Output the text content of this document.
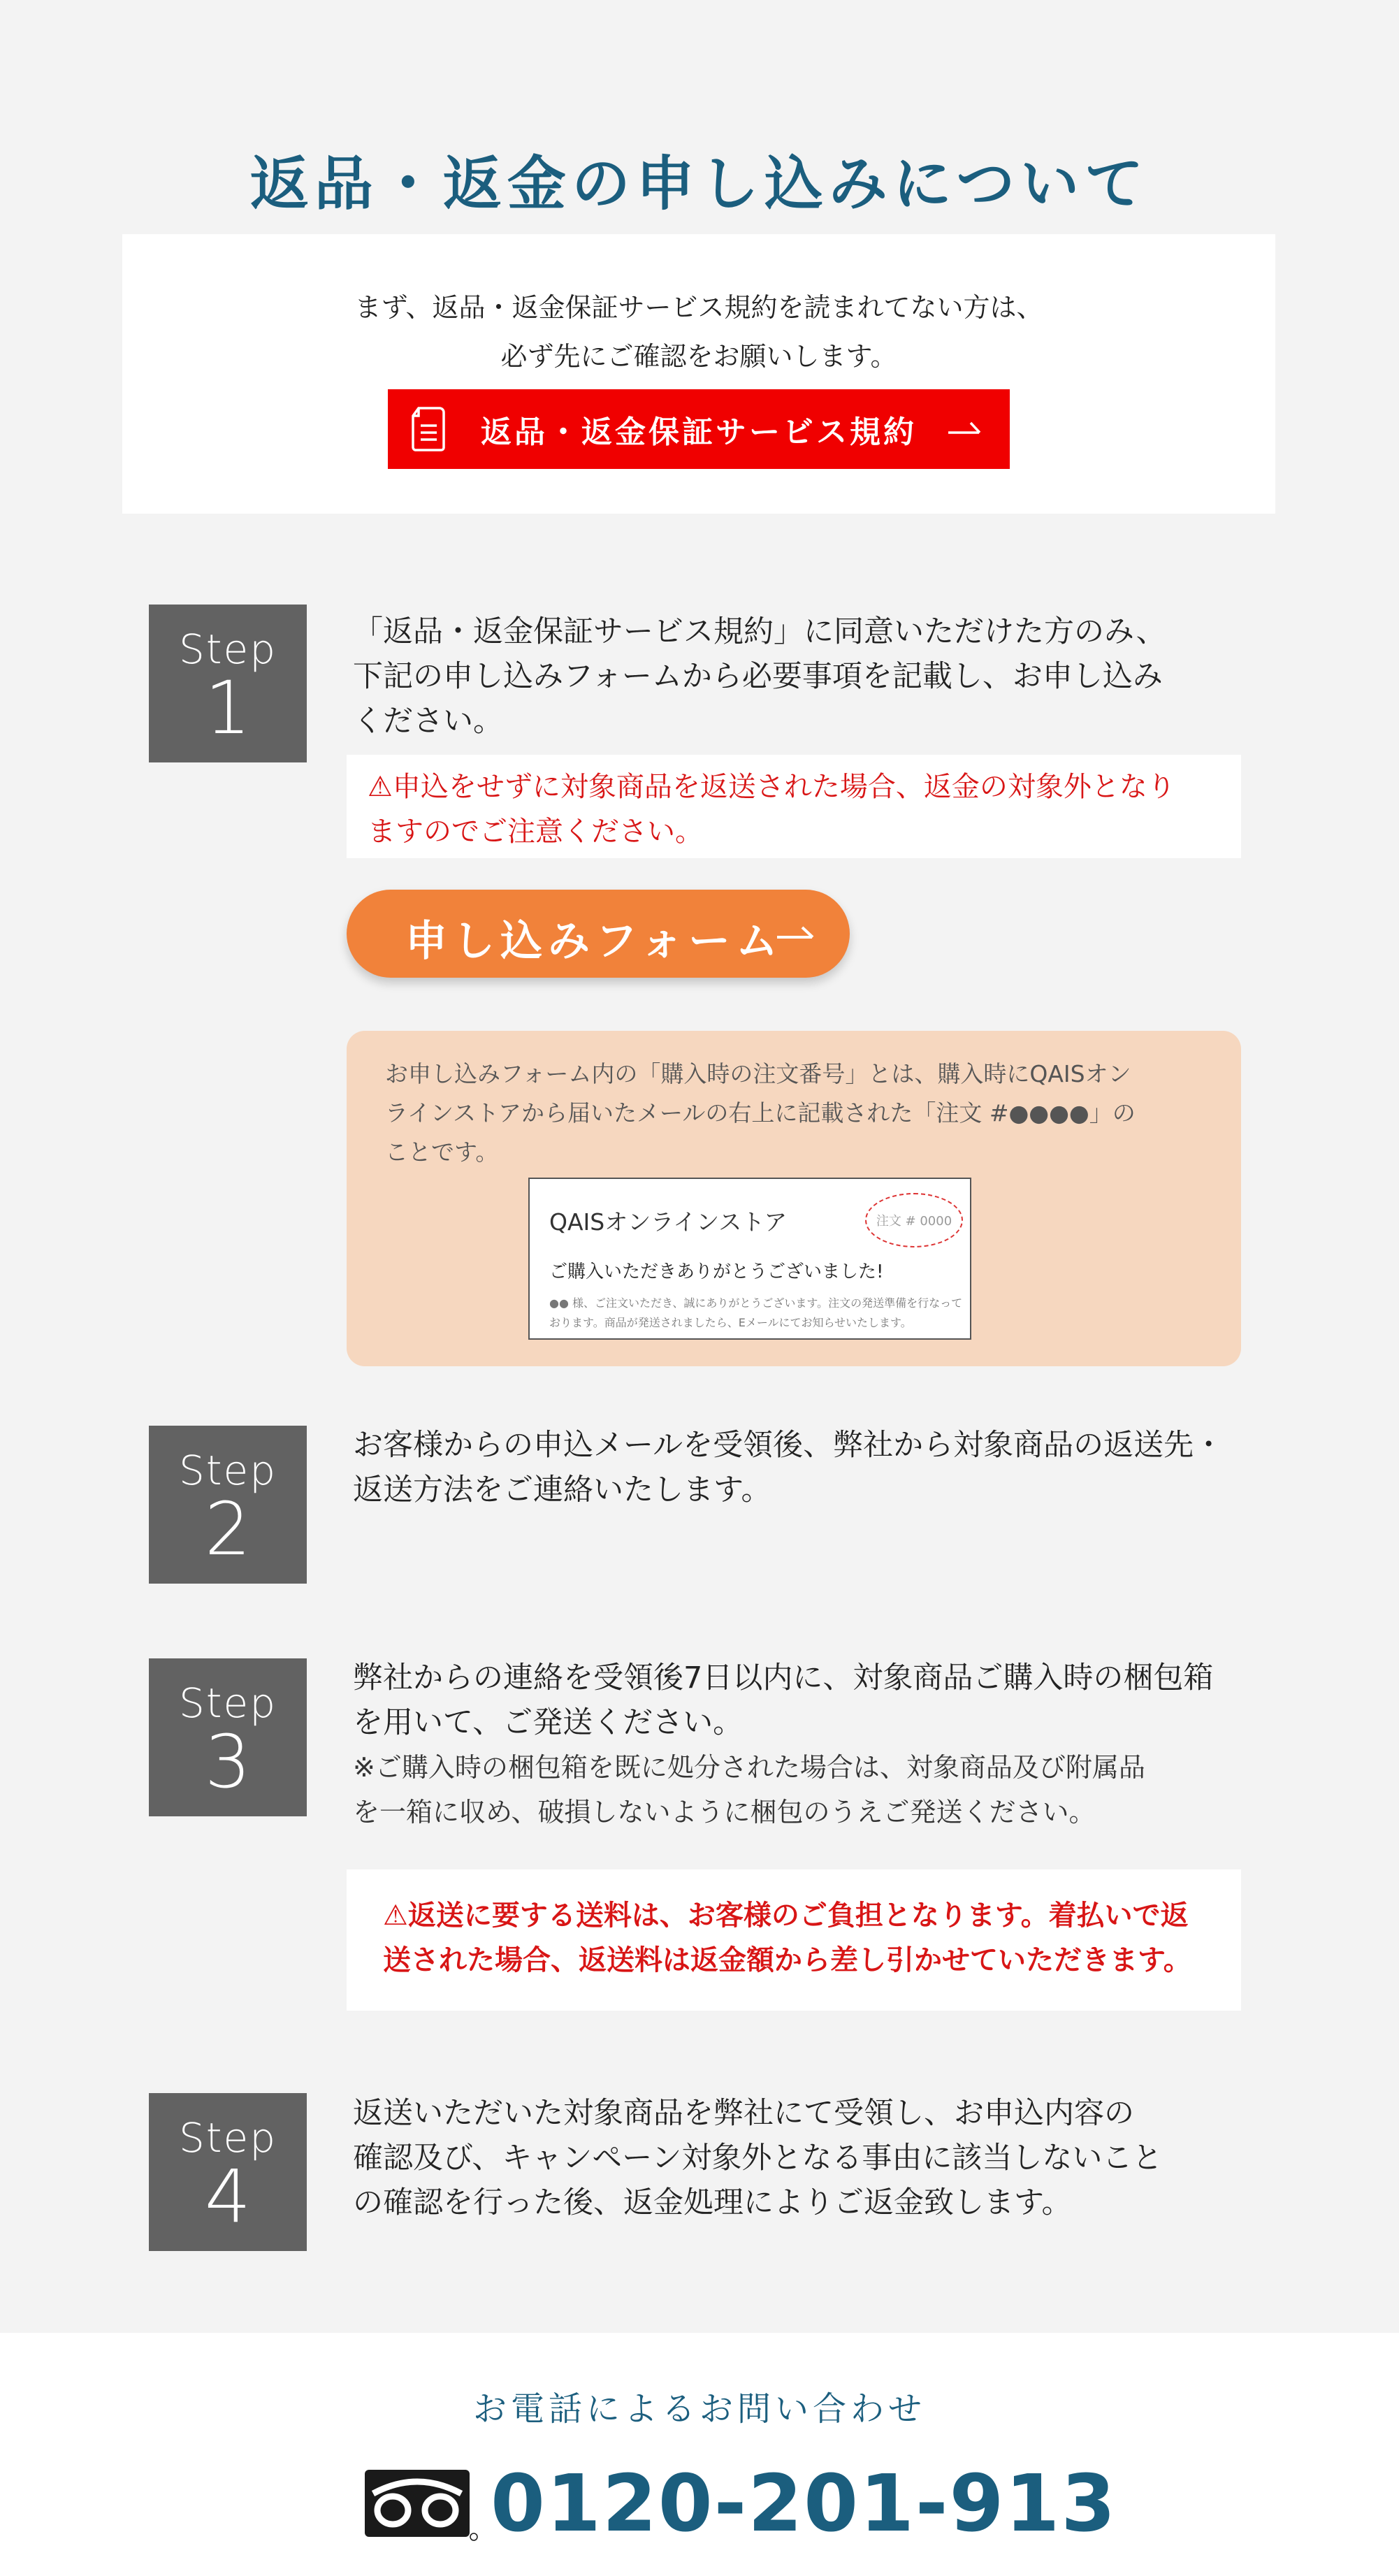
返品・返金の申し込みについて
まず、返品・返金保証サービス規約を読まれてない方は、
必ず先にご確認をお願いします。
返品・返金保証サービス規約
Step
1
「返品・返金保証サービス規約」に同意いただけた方のみ、
下記の申し込みフォームから必要事項を記載し、お申し込み
ください。
⚠申込をせずに対象商品を返送された場合、返金の対象外となり
ますのでご注意ください。
申し込みフォーム
お申し込みフォーム内の「購入時の注文番号」とは、購入時にQAISオン
ラインストアから届いたメールの右上に記載された「注文 #●●●●」の
ことです。
QAISオンラインストア	注文 # 0000
ご購入いただきありがとうございました!
●● 様、ご注文いただき、誠にありがとうございます。注文の発送準備を行なって
おります。商品が発送されましたら、Eメールにてお知らせいたします。
Step
2
お客様からの申込メールを受領後、弊社から対象商品の返送先・
返送方法をご連絡いたします。
Step
3
弊社からの連絡を受領後7日以内に、対象商品ご購入時の梱包箱
を用いて、ご発送ください。
※ご購入時の梱包箱を既に処分された場合は、対象商品及び附属品
を一箱に収め、破損しないように梱包のうえご発送ください。
⚠返送に要する送料は、お客様のご負担となります。着払いで返
送された場合、返送料は返金額から差し引かせていただきます。
Step
4
返送いただいた対象商品を弊社にて受領し、お申込内容の
確認及び、キャンペーン対象外となる事由に該当しないこと
の確認を行った後、返金処理によりご返金致します。
お電話によるお問い合わせ
0120-201-913
